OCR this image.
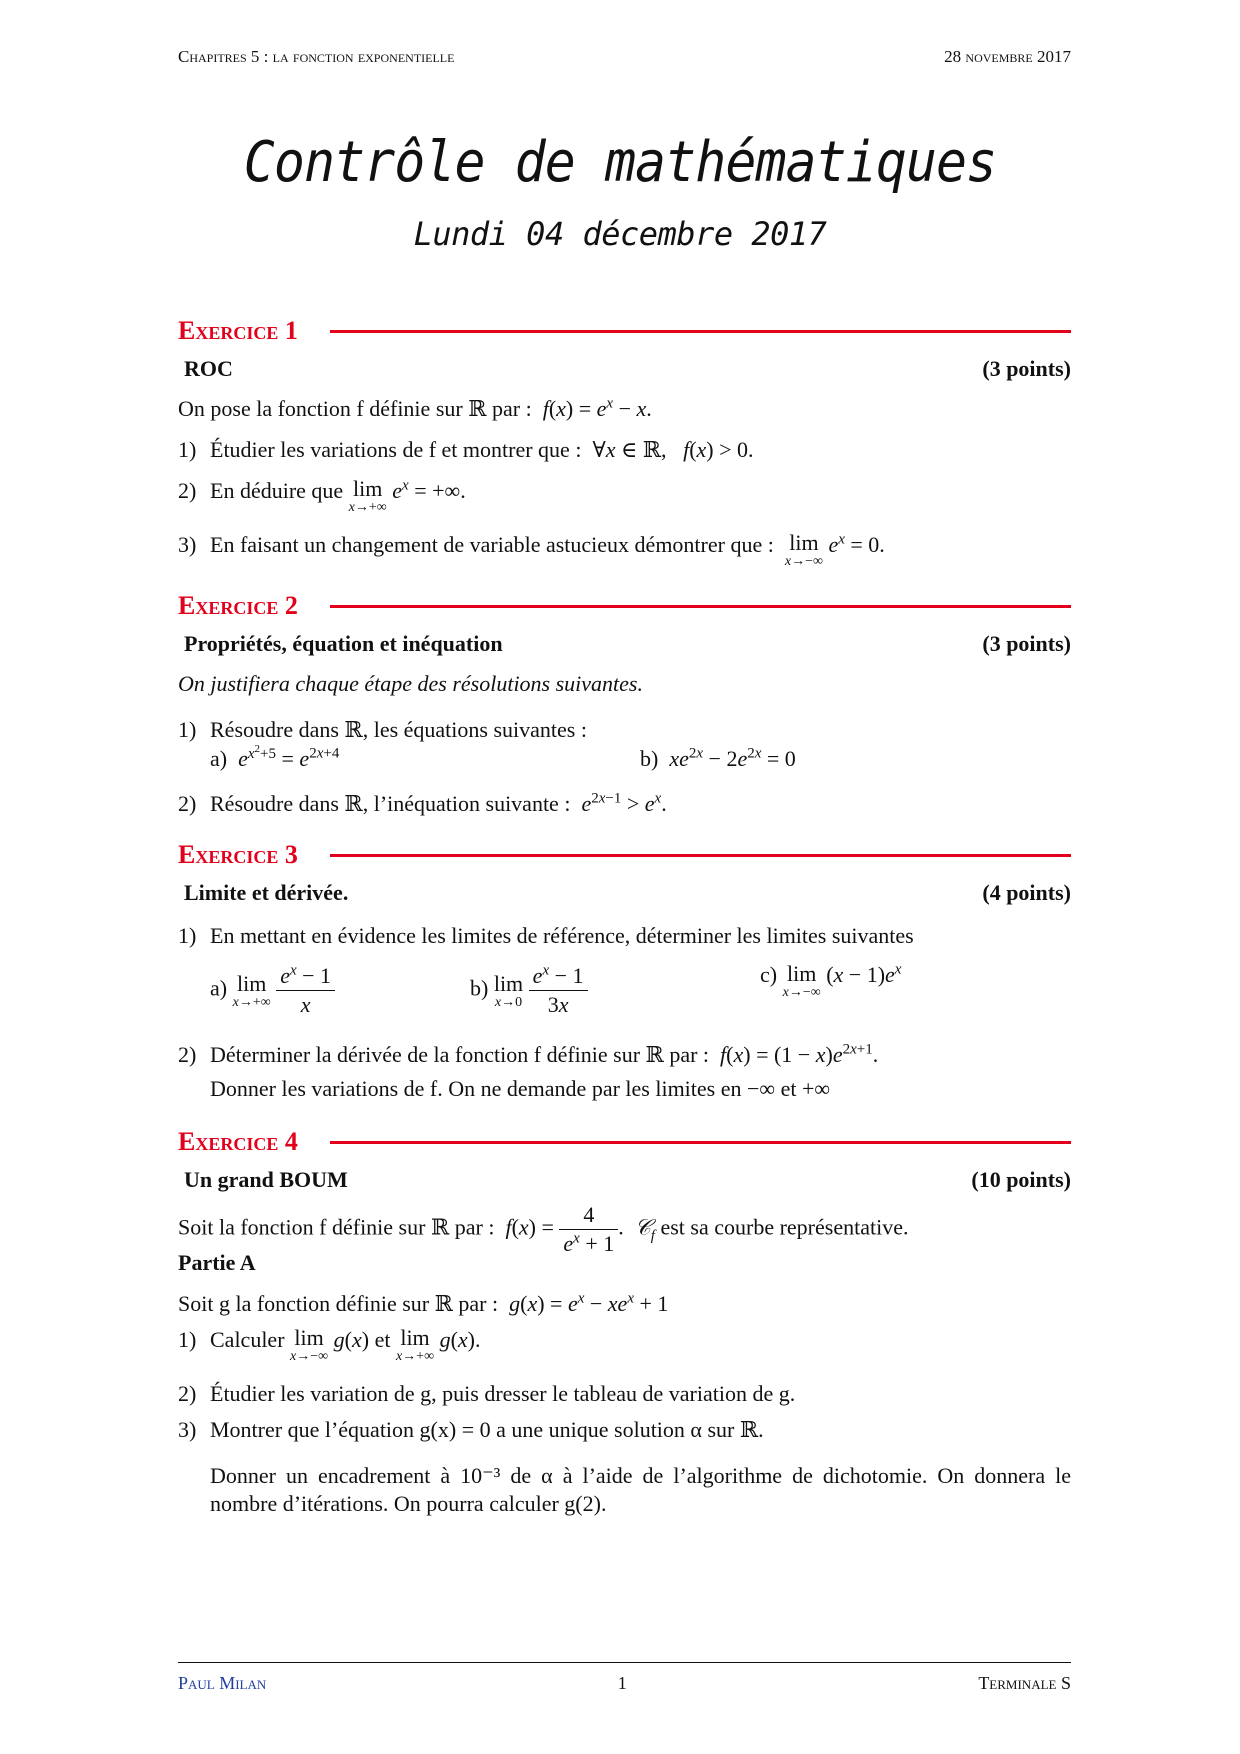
Chapitres 5 : la fonction exponentielle	28 novembre 2017
Contrôle de mathématiques
Lundi 04 décembre 2017
Exercice 1
ROC	(3 points)
On pose la fonction f définie sur ℝ par : $f(x) = e^x - x$.
1) Étudier les variations de f et montrer que :  ∀x ∈ ℝ,   f(x) > 0.
2) En déduire que lim
x→+∞
$e^x$ = +∞.
3) En faisant un changement de variable astucieux démontrer que : lim
x→−∞
$e^x = 0$.
Exercice 2
Propriétés, équation et inéquation	(3 points)
On justifiera chaque étape des résolutions suivantes.
1) Résoudre dans ℝ, les équations suivantes :
a) $e^{x^2+5} = e^{2x+4}$	b) $xe^{2x} - 2e^{2x} = 0$
2) Résoudre dans ℝ, l’inéquation suivante : $e^{2x-1} > e^x$.
Exercice 3
Limite et dérivée.	(4 points)
1) En mettant en évidence les limites de référence, déterminer les limites suivantes
a) lim
x→+∞
$\frac{e^x - 1}{x}$	b) lim
x→0
$\frac{e^x - 1}{3x}$	c) lim
x→−∞
$(x - 1)e^x$
2) Déterminer la dérivée de la fonction f définie sur ℝ par : $f(x) = (1 - x)e^{2x+1}$.
Donner les variations de f. On ne demande par les limites en −∞ et +∞
Exercice 4
Un grand BOUM	(10 points)
Soit la fonction f définie sur ℝ par : $f(x) = \frac{4}{e^x + 1}$ .  𝒞$_f$ est sa courbe représentative.
Partie A
Soit g la fonction définie sur ℝ par : $g(x) = e^x - xe^x + 1$
1) Calculer lim
x→−∞
g(x) et lim
x→+∞
g(x).
2) Étudier les variation de g, puis dresser le tableau de variation de g.
3) Montrer que l’équation g(x) = 0 a une unique solution α sur ℝ.
Donner un encadrement à 10⁻³ de α à l’aide de l’algorithme de dichotomie. On donnera le nombre d’itérations. On pourra calculer g(2).
Paul Milan	1	Terminale S
